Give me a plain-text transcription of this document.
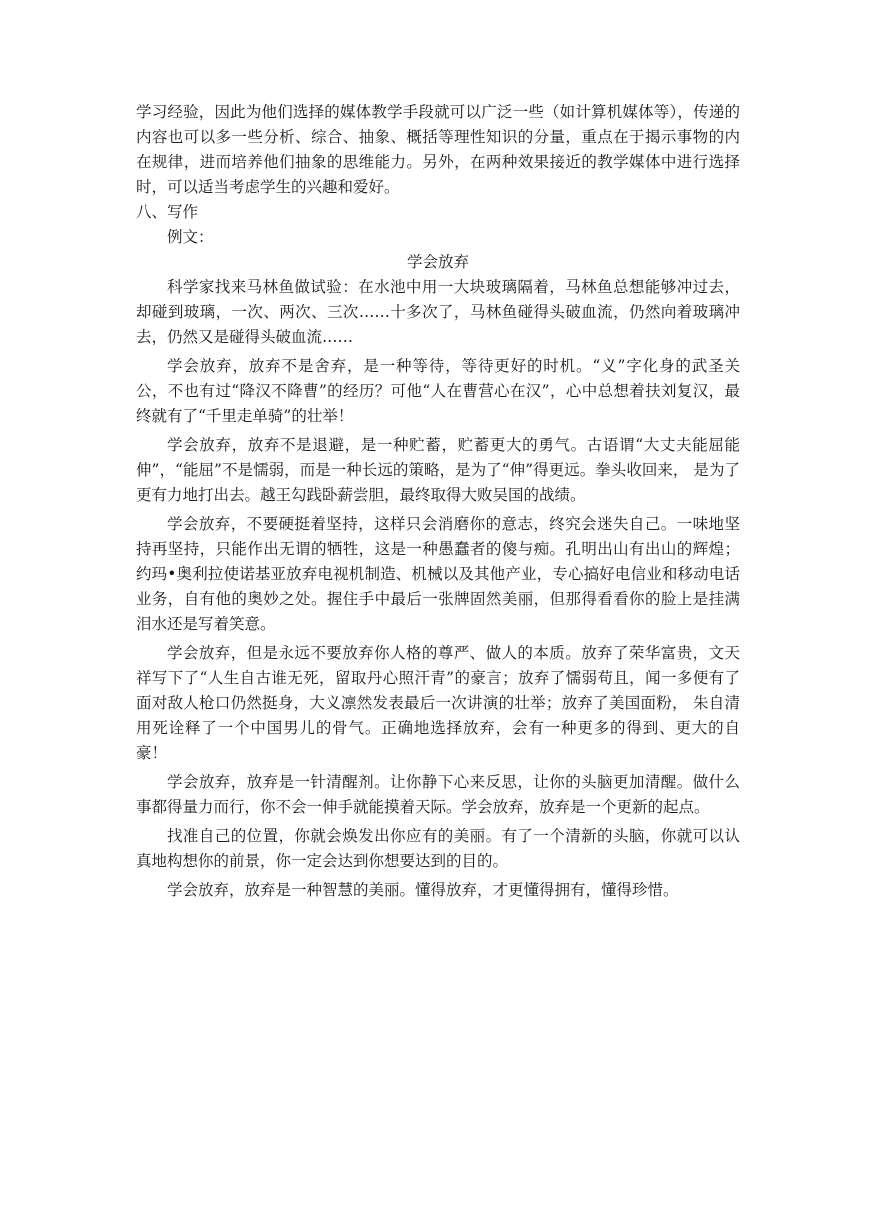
学习经验，因此为他们选择的媒体教学手段就可以广泛一些（如计算机媒体等），传递的内容也可以多一些分析、综合、抽象、概括等理性知识的分量，重点在于揭示事物的内在规律，进而培养他们抽象的思维能力。另外，在两种效果接近的教学媒体中进行选择时，可以适当考虑学生的兴趣和爱好。

八、写作

例文：

学会放弃

科学家找来马林鱼做试验：在水池中用一大块玻璃隔着，马林鱼总想能够冲过去， 却碰到玻璃，一次、两次、三次……十多次了，马林鱼碰得头破血流，仍然向着玻璃冲去，仍然又是碰得头破血流……

学会放弃，放弃不是舍弃，是一种等待，等待更好的时机。“义”字化身的武圣关公，不也有过“降汉不降曹”的经历？可他“人在曹营心在汉”，心中总想着扶刘复汉，最终就有了“千里走单骑”的壮举！

学会放弃，放弃不是退避，是一种贮蓄，贮蓄更大的勇气。古语谓“大丈夫能屈能伸”，“能屈”不是懦弱，而是一种长远的策略，是为了“伸”得更远。拳头收回来， 是为了更有力地打出去。越王勾践卧薪尝胆，最终取得大败吴国的战绩。

学会放弃，不要硬挺着坚持，这样只会消磨你的意志，终究会迷失自己。一味地坚持再坚持，只能作出无谓的牺牲，这是一种愚蠢者的傻与痴。孔明出山有出山的辉煌；约玛•奥利拉使诺基亚放弃电视机制造、机械以及其他产业，专心搞好电信业和移动电话业务，自有他的奥妙之处。握住手中最后一张牌固然美丽，但那得看看你的脸上是挂满泪水还是写着笑意。

学会放弃，但是永远不要放弃你人格的尊严、做人的本质。放弃了荣华富贵，文天祥写下了“人生自古谁无死，留取丹心照汗青”的豪言；放弃了懦弱苟且，闻一多便有了面对敌人枪口仍然挺身，大义凛然发表最后一次讲演的壮举；放弃了美国面粉， 朱自清用死诠释了一个中国男儿的骨气。正确地选择放弃，会有一种更多的得到、更大的自豪！

学会放弃，放弃是一针清醒剂。让你静下心来反思，让你的头脑更加清醒。做什么事都得量力而行，你不会一伸手就能摸着天际。学会放弃，放弃是一个更新的起点。

找准自己的位置，你就会焕发出你应有的美丽。有了一个清新的头脑，你就可以认真地构想你的前景，你一定会达到你想要达到的目的。

学会放弃，放弃是一种智慧的美丽。懂得放弃，才更懂得拥有，懂得珍惜。
